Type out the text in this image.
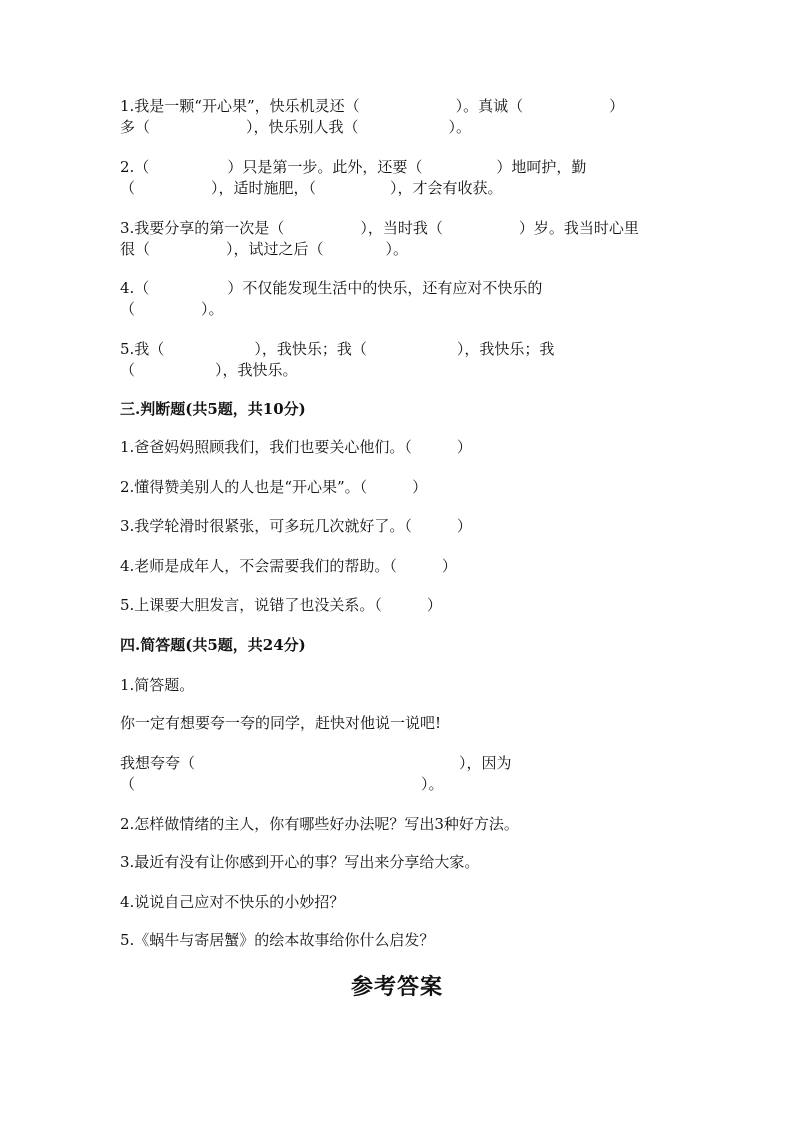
1.我是一颗“开心果”，快乐机灵还（	）。真诚（	）
多（	），快乐别人我（	）。
2.（	）只是第一步。此外，还要（	）地呵护，勤
（	），适时施肥，（	），才会有收获。
3.我要分享的第一次是（	），当时我（	）岁。我当时心里
很（	），试过之后（	）。
4.（	）不仅能发现生活中的快乐，还有应对不快乐的
（	）。
5.我（	），我快乐；我（	），我快乐；我
（	），我快乐。
三.判断题(共5题，共10分)
1.爸爸妈妈照顾我们，我们也要关心他们。（　　　）
2.懂得赞美别人的人也是“开心果”。（　　　）
3.我学轮滑时很紧张，可多玩几次就好了。（　　　）
4.老师是成年人，不会需要我们的帮助。（　　　）
5.上课要大胆发言，说错了也没关系。（　　　）
四.简答题(共5题，共24分)
1.简答题。
你一定有想要夸一夸的同学，赶快对他说一说吧!
我想夸夸（	），因为
（	）。
2.怎样做情绪的主人，你有哪些好办法呢？写出3种好方法。
3.最近有没有让你感到开心的事？写出来分享给大家。
4.说说自己应对不快乐的小妙招？
5.《蜗牛与寄居蟹》的绘本故事给你什么启发？
参考答案
